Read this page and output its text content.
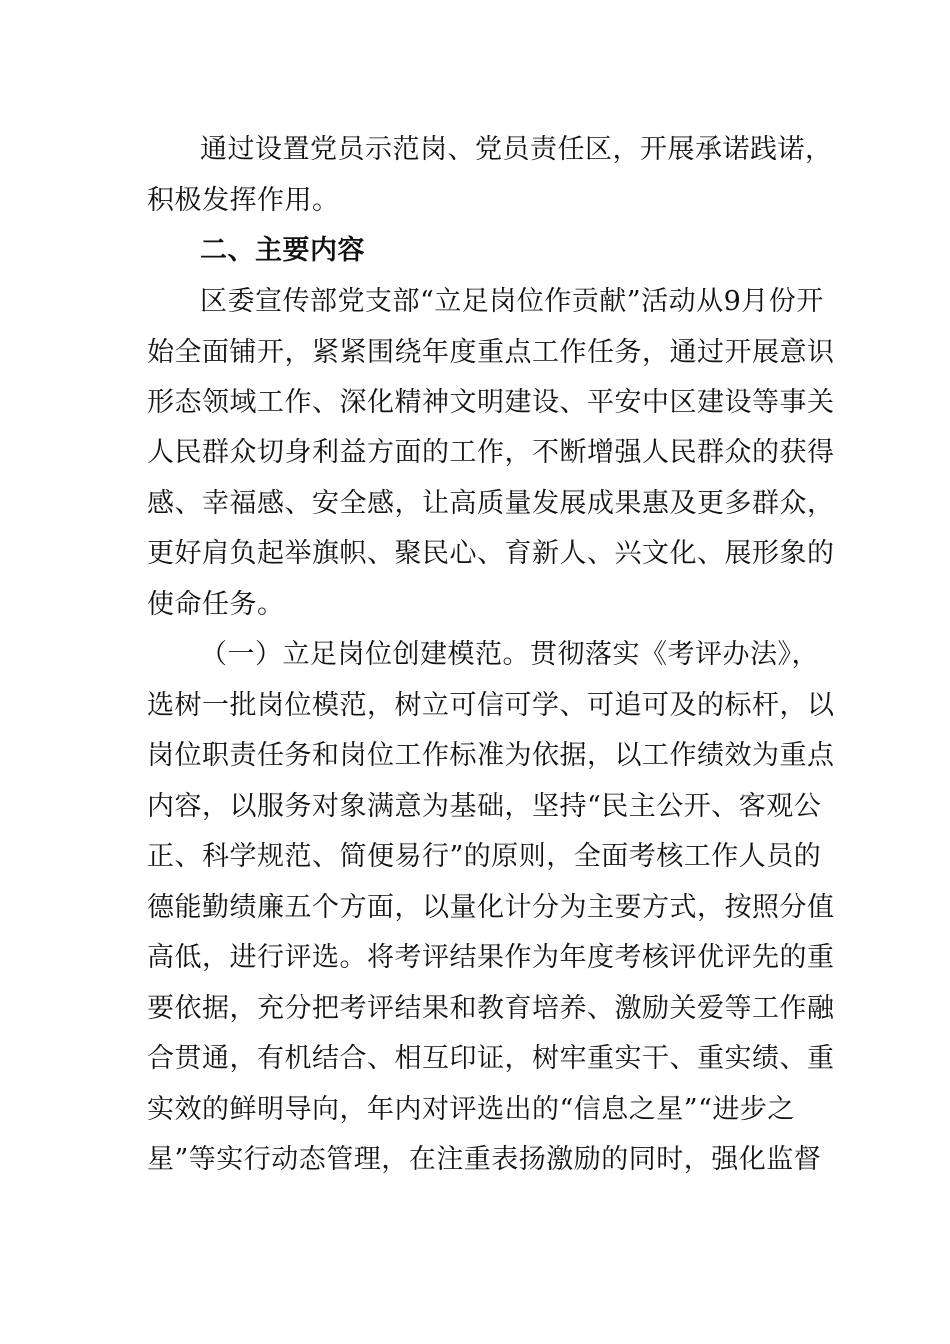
通过设置党员示范岗、党员责任区，开展承诺践诺，
积极发挥作用。
二、主要内容
区委宣传部党支部“立足岗位作贡献”活动从9月份开
始全面铺开，紧紧围绕年度重点工作任务，通过开展意识
形态领域工作、深化精神文明建设、平安中区建设等事关
人民群众切身利益方面的工作，不断增强人民群众的获得
感、幸福感、安全感，让高质量发展成果惠及更多群众，
更好肩负起举旗帜、聚民心、育新人、兴文化、展形象的
使命任务。
（一）立足岗位创建模范。贯彻落实《考评办法》，
选树一批岗位模范，树立可信可学、可追可及的标杆，以
岗位职责任务和岗位工作标准为依据，以工作绩效为重点
内容，以服务对象满意为基础，坚持“民主公开、客观公
正、科学规范、简便易行”的原则，全面考核工作人员的
德能勤绩廉五个方面，以量化计分为主要方式，按照分值
高低，进行评选。将考评结果作为年度考核评优评先的重
要依据，充分把考评结果和教育培养、激励关爱等工作融
合贯通，有机结合、相互印证，树牢重实干、重实绩、重
实效的鲜明导向，年内对评选出的“信息之星”“进步之
星”等实行动态管理，在注重表扬激励的同时，强化监督
